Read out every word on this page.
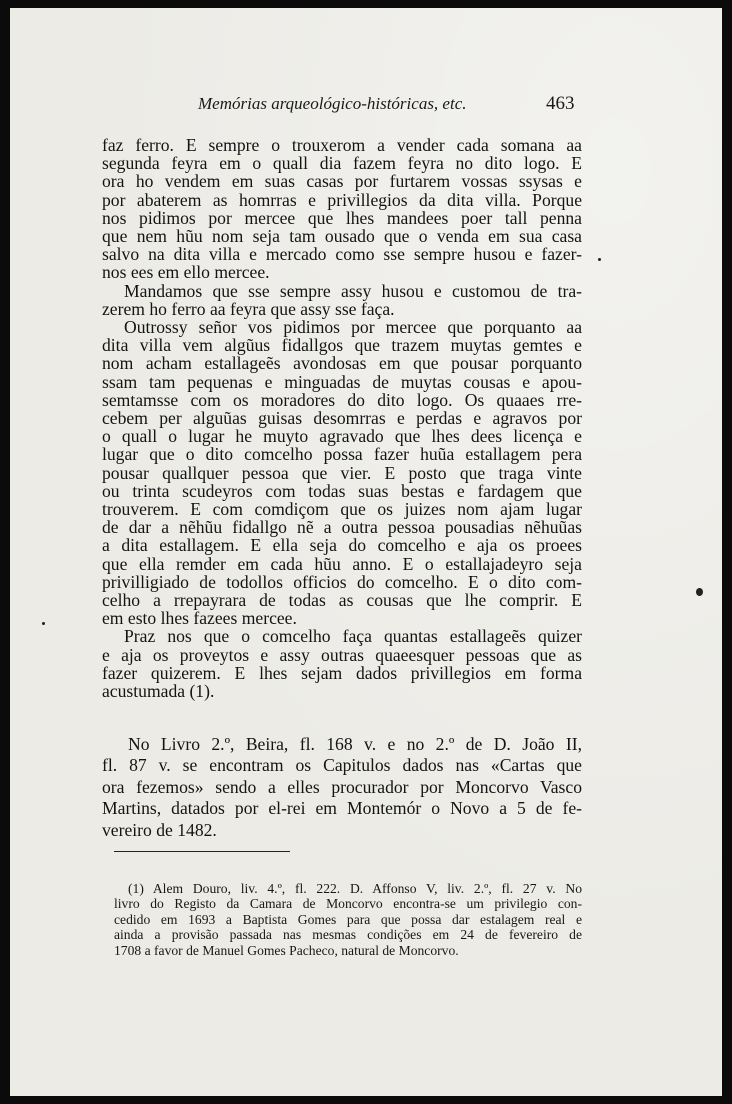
Memórias arqueológico-históricas, etc.	463

faz ferro. E sempre o trouxerom a vender cada somana aa
segunda feyra em o quall dia fazem feyra no dito logo. E
ora ho vendem em suas casas por furtarem vossas ssysas e
por abaterem as homrras e privillegios da dita villa. Porque
nos pidimos por mercee que lhes mandees poer tall penna
que nem hũu nom seja tam ousado que o venda em sua casa
salvo na dita villa e mercado como sse sempre husou e fazer-
nos ees em ello mercee.

Mandamos que sse sempre assy husou e customou de tra-
zerem ho ferro aa feyra que assy sse faça.

Outrossy señor vos pidimos por mercee que porquanto aa
dita villa vem algũus fidallgos que trazem muytas gemtes e
nom acham estallageẽs avondosas em que pousar porquanto
ssam tam pequenas e minguadas de muytas cousas e apou-
semtamsse com os moradores do dito logo. Os quaaes rre-
cebem per alguũas guisas desomrras e perdas e agravos por
o quall o lugar he muyto agravado que lhes dees licença e
lugar que o dito comcelho possa fazer huũa estallagem pera
pousar quallquer pessoa que vier. E posto que traga vinte
ou trinta scudeyros com todas suas bestas e fardagem que
trouverem. E com comdiçom que os juizes nom ajam lugar
de dar a nẽhũu fidallgo nẽ a outra pessoa pousadias nẽhuũas
a dita estallagem. E ella seja do comcelho e aja os proees
que ella remder em cada hũu anno. E o estallajadeyro seja
privilligiado de todollos officios do comcelho. E o dito com-
celho a rrepayrara de todas as cousas que lhe comprir. E
em esto lhes fazees mercee.

Praz nos que o comcelho faça quantas estallageẽs quizer
e aja os proveytos e assy outras quaeesquer pessoas que as
fazer quizerem. E lhes sejam dados privillegios em forma
acustumada (1).

No Livro 2.º, Beira, fl. 168 v. e no 2.º de D. João II,
fl. 87 v. se encontram os Capitulos dados nas «Cartas que
ora fezemos» sendo a elles procurador por Moncorvo Vasco
Martins, datados por el-rei em Montemór o Novo a 5 de fe-
vereiro de 1482.
(1) Alem Douro, liv. 4.º, fl. 222. D. Affonso V, liv. 2.º, fl. 27 v. No
livro do Registo da Camara de Moncorvo encontra-se um privilegio con-
cedido em 1693 a Baptista Gomes para que possa dar estalagem real e
ainda a provisão passada nas mesmas condições em 24 de fevereiro de
1708 a favor de Manuel Gomes Pacheco, natural de Moncorvo.
